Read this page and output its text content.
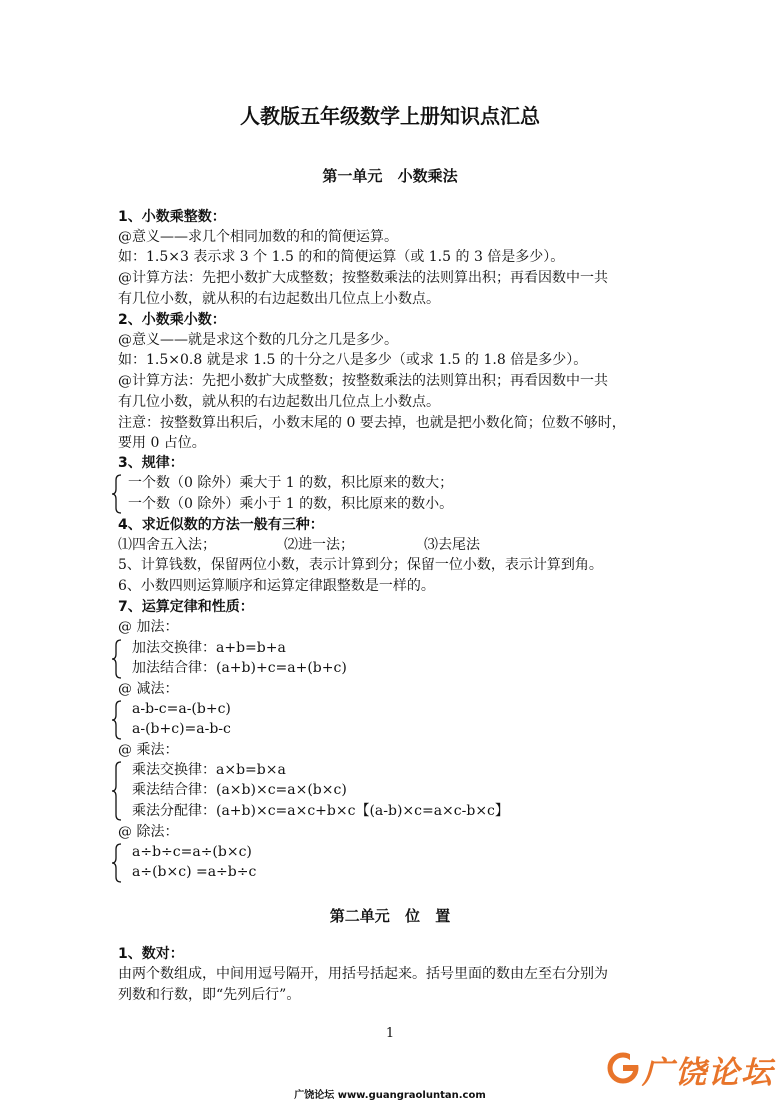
人教版五年级数学上册知识点汇总
第一单元 小数乘法
1、小数乘整数：
@意义——求几个相同加数的和的简便运算。
如：1.5×3 表示求 3 个 1.5 的和的简便运算（或 1.5 的 3 倍是多少）。
@计算方法：先把小数扩大成整数；按整数乘法的法则算出积；再看因数中一共
有几位小数，就从积的右边起数出几位点上小数点。
2、小数乘小数：
@意义——就是求这个数的几分之几是多少。
如：1.5×0.8 就是求 1.5 的十分之八是多少（或求 1.5 的 1.8 倍是多少）。
@计算方法：先把小数扩大成整数；按整数乘法的法则算出积；再看因数中一共
有几位小数，就从积的右边起数出几位点上小数点。
注意：按整数算出积后，小数末尾的 0 要去掉，也就是把小数化简；位数不够时，
要用 0 占位。
3、规律：
一个数（0 除外）乘大于 1 的数，积比原来的数大；
一个数（0 除外）乘小于 1 的数，积比原来的数小。
4、求近似数的方法一般有三种：
⑴四舍五入法；	⑵进一法；	⑶去尾法
5、计算钱数，保留两位小数，表示计算到分；保留一位小数，表示计算到角。
6、小数四则运算顺序和运算定律跟整数是一样的。
7、运算定律和性质：
@ 加法：
加法交换律：a+b=b+a
加法结合律：(a+b)+c=a+(b+c)
@ 减法：
a-b-c=a-(b+c)
a-(b+c)=a-b-c
@ 乘法：
乘法交换律：a×b=b×a
乘法结合律：(a×b)×c=a×(b×c)
乘法分配律：(a+b)×c=a×c+b×c【(a-b)×c=a×c-b×c】
@ 除法：
a÷b÷c=a÷(b×c)
a÷(b×c) =a÷b÷c
第二单元 位 置
1、数对：
由两个数组成，中间用逗号隔开，用括号括起来。括号里面的数由左至右分别为
列数和行数，即“先列后行”。
1
广饶论坛
广饶论坛 www.guangraoluntan.com
